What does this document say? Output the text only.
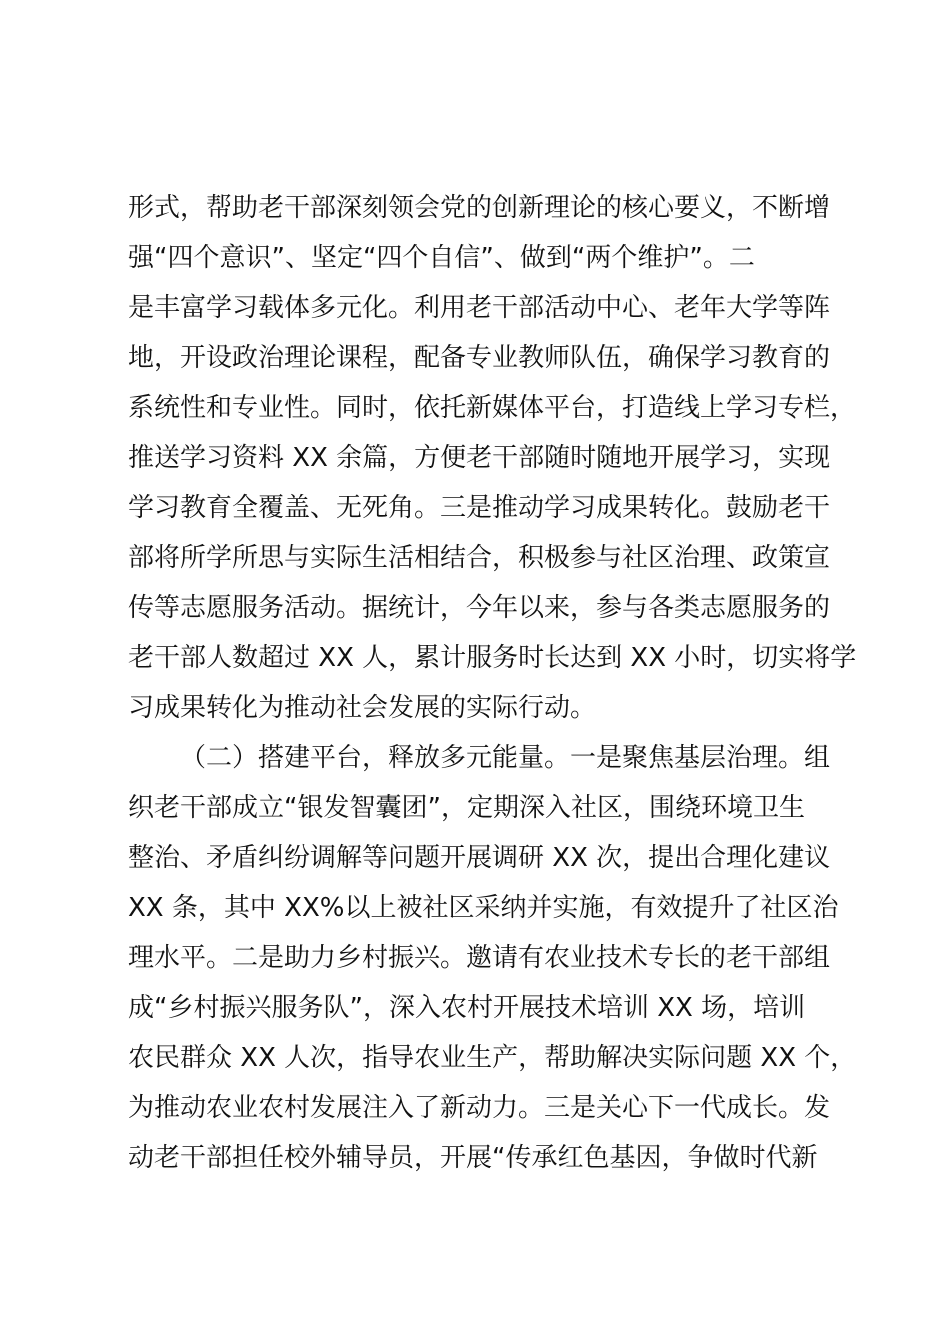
形式，帮助老干部深刻领会党的创新理论的核心要义，不断增
强“四个意识”、坚定“四个自信”、做到“两个维护”。二
是丰富学习载体多元化。利用老干部活动中心、老年大学等阵
地，开设政治理论课程，配备专业教师队伍，确保学习教育的
系统性和专业性。同时，依托新媒体平台，打造线上学习专栏，
推送学习资料 XX 余篇，方便老干部随时随地开展学习，实现
学习教育全覆盖、无死角。三是推动学习成果转化。鼓励老干
部将所学所思与实际生活相结合，积极参与社区治理、政策宣
传等志愿服务活动。据统计，今年以来，参与各类志愿服务的
老干部人数超过 XX 人，累计服务时长达到 XX 小时，切实将学
习成果转化为推动社会发展的实际行动。
（二）搭建平台，释放多元能量。一是聚焦基层治理。组
织老干部成立“银发智囊团”，定期深入社区，围绕环境卫生
整治、矛盾纠纷调解等问题开展调研 XX 次，提出合理化建议
XX 条，其中 XX%以上被社区采纳并实施，有效提升了社区治
理水平。二是助力乡村振兴。邀请有农业技术专长的老干部组
成“乡村振兴服务队”，深入农村开展技术培训 XX 场，培训
农民群众 XX 人次，指导农业生产，帮助解决实际问题 XX 个，
为推动农业农村发展注入了新动力。三是关心下一代成长。发
动老干部担任校外辅导员，开展“传承红色基因，争做时代新
